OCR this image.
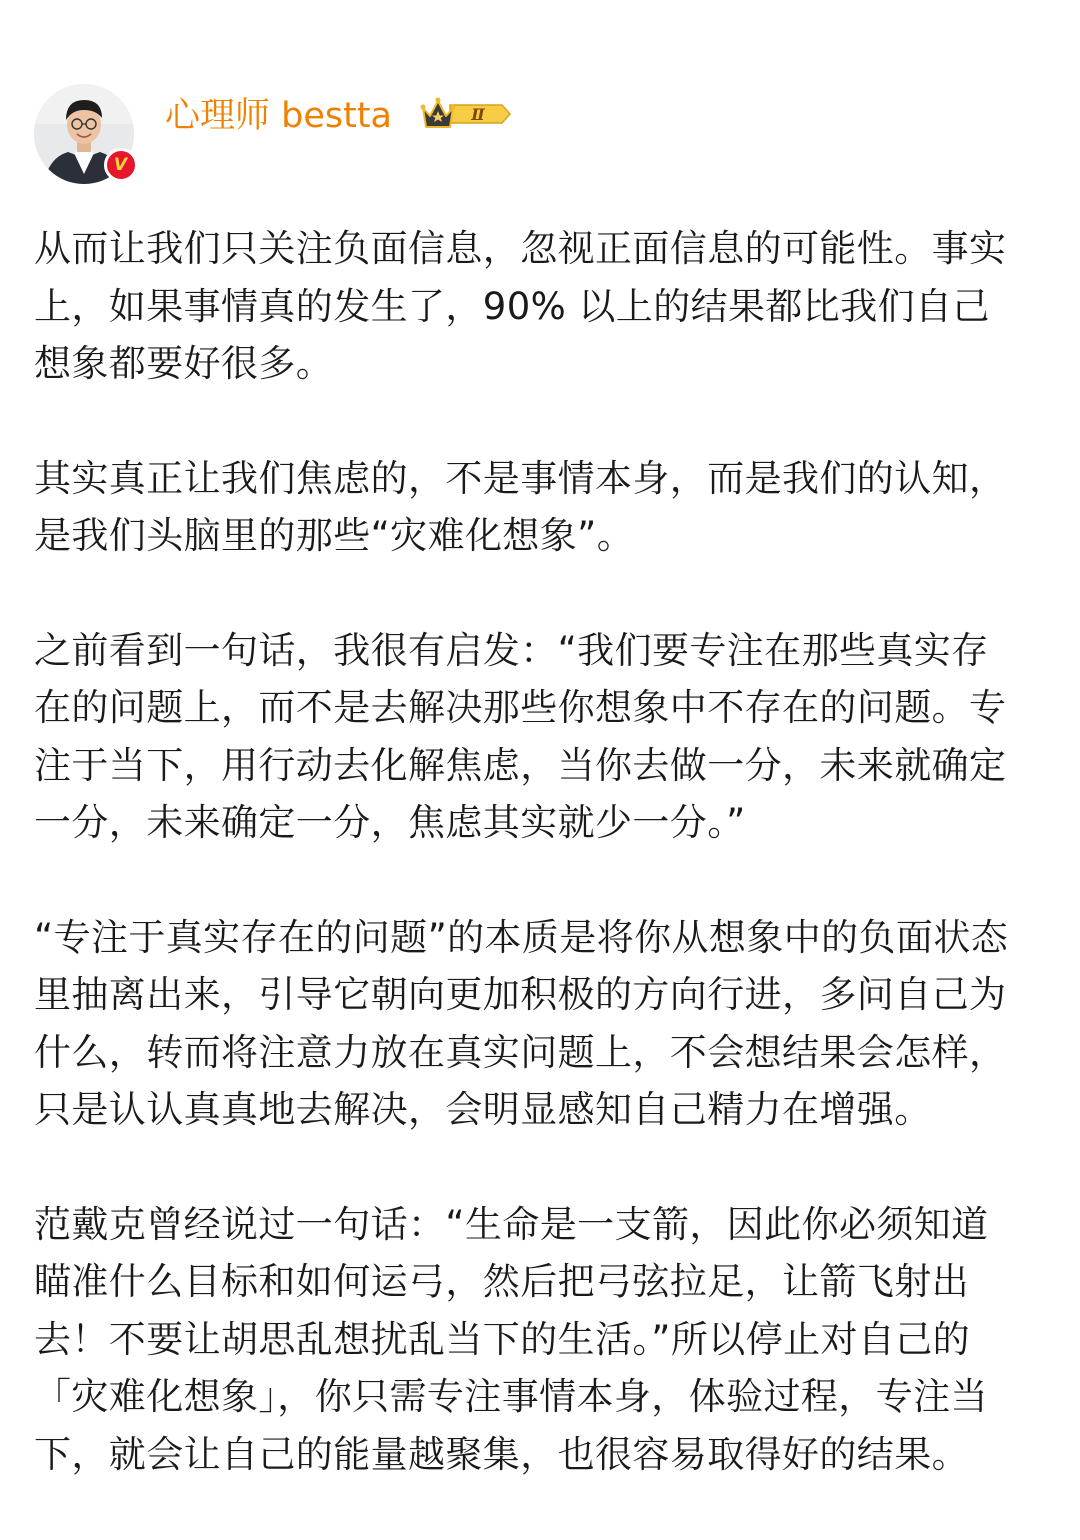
V
心理师 bestta	Ⅱ
从而让我们只关注负面信息，忽视正面信息的可能性。事实
上，如果事情真的发生了，90% 以上的结果都比我们自己
想象都要好很多。
其实真正让我们焦虑的，不是事情本身，而是我们的认知，
是我们头脑里的那些“灾难化想象”。
之前看到一句话，我很有启发：“我们要专注在那些真实存
在的问题上，而不是去解决那些你想象中不存在的问题。专
注于当下，用行动去化解焦虑，当你去做一分，未来就确定
一分，未来确定一分，焦虑其实就少一分。”
“专注于真实存在的问题”的本质是将你从想象中的负面状态
里抽离出来，引导它朝向更加积极的方向行进，多问自己为
什么，转而将注意力放在真实问题上，不会想结果会怎样，
只是认认真真地去解决，会明显感知自己精力在增强。
范戴克曾经说过一句话：“生命是一支箭，因此你必须知道
瞄准什么目标和如何运弓，然后把弓弦拉足，让箭飞射出
去！不要让胡思乱想扰乱当下的生活。”所以停止对自己的
「灾难化想象」，你只需专注事情本身，体验过程，专注当
下，就会让自己的能量越聚集，也很容易取得好的结果。
